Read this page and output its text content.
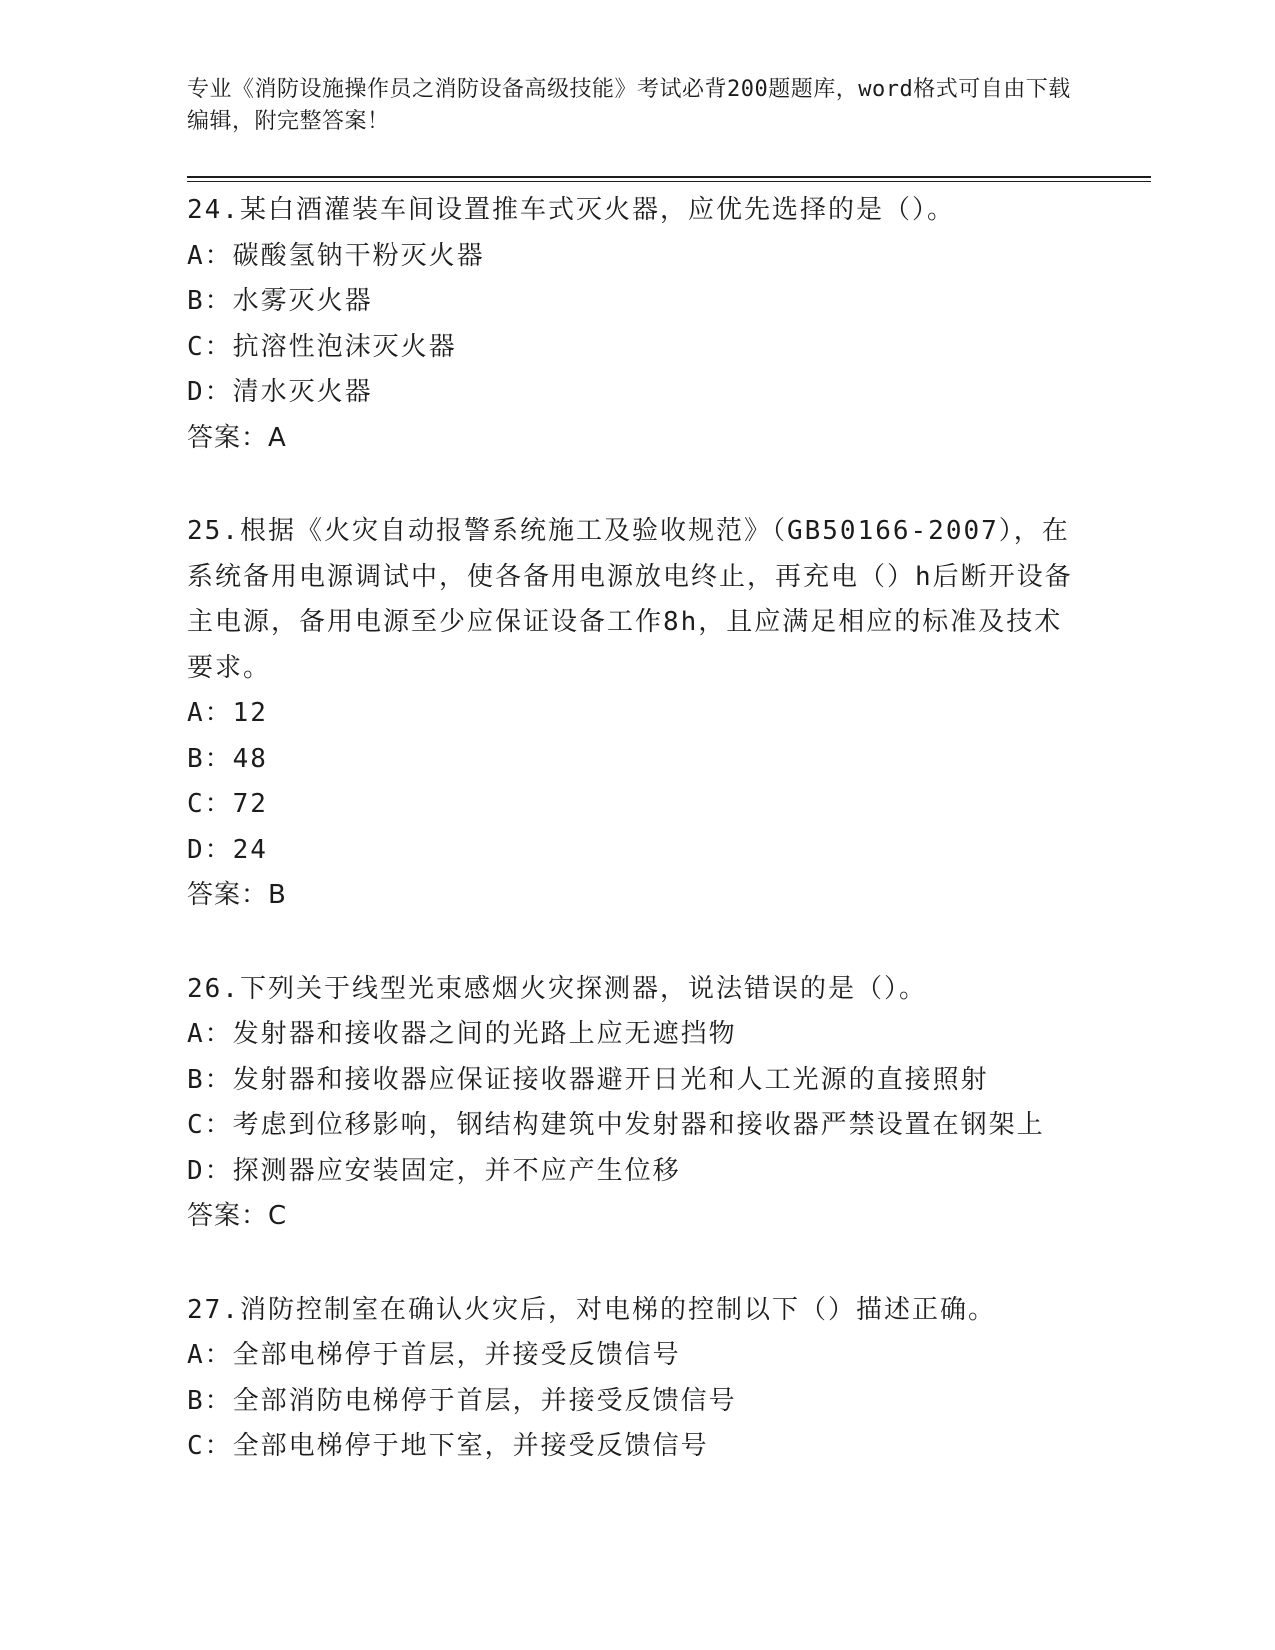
专业《消防设施操作员之消防设备高级技能》考试必背200题题库，word格式可自由下载编辑，附完整答案！
24.某白酒灌装车间设置推车式灭火器，应优先选择的是（）。
A：碳酸氢钠干粉灭火器
B：水雾灭火器
C：抗溶性泡沫灭火器
D：清水灭火器
答案：A
25.根据《火灾自动报警系统施工及验收规范》（GB50166-2007），在系统备用电源调试中，使各备用电源放电终止，再充电（）h后断开设备主电源，备用电源至少应保证设备工作8h，且应满足相应的标准及技术要求。
A：12
B：48
C：72
D：24
答案：B
26.下列关于线型光束感烟火灾探测器，说法错误的是（）。
A：发射器和接收器之间的光路上应无遮挡物
B：发射器和接收器应保证接收器避开日光和人工光源的直接照射
C：考虑到位移影响，钢结构建筑中发射器和接收器严禁设置在钢架上
D：探测器应安装固定，并不应产生位移
答案：C
27.消防控制室在确认火灾后，对电梯的控制以下（）描述正确。
A：全部电梯停于首层，并接受反馈信号
B：全部消防电梯停于首层，并接受反馈信号
C：全部电梯停于地下室，并接受反馈信号
